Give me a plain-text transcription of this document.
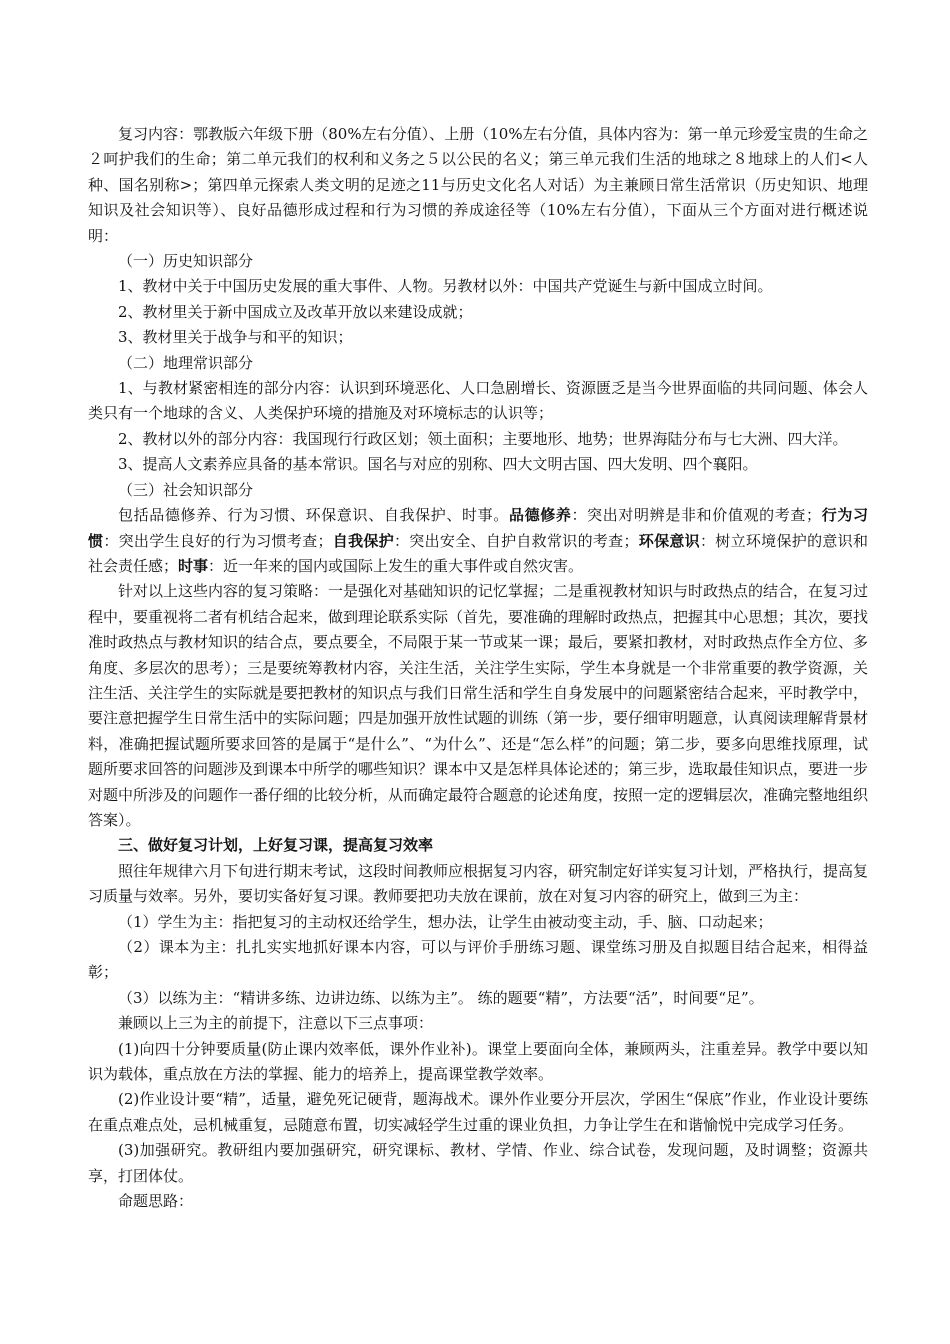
复习内容：鄂教版六年级下册（80%左右分值）、上册（10%左右分值，具体内容为：第一单元珍爱宝贵的生命之２呵护我们的生命；第二单元我们的权利和义务之５以公民的名义；第三单元我们生活的地球之８地球上的人们<人种、国名别称>；第四单元探索人类文明的足迹之11与历史文化名人对话）为主兼顾日常生活常识（历史知识、地理知识及社会知识等）、良好品德形成过程和行为习惯的养成途径等（10%左右分值），下面从三个方面对进行概述说明：

（一）历史知识部分

1、教材中关于中国历史发展的重大事件、人物。另教材以外：中国共产党诞生与新中国成立时间。

2、教材里关于新中国成立及改革开放以来建设成就；

3、教材里关于战争与和平的知识；

（二）地理常识部分

1、与教材紧密相连的部分内容：认识到环境恶化、人口急剧增长、资源匮乏是当今世界面临的共同问题、体会人类只有一个地球的含义、人类保护环境的措施及对环境标志的认识等；

2、教材以外的部分内容：我国现行行政区划；领土面积；主要地形、地势；世界海陆分布与七大洲、四大洋。

3、提高人文素养应具备的基本常识。国名与对应的别称、四大文明古国、四大发明、四个襄阳。

（三）社会知识部分

包括品德修养、行为习惯、环保意识、自我保护、时事。品德修养：突出对明辨是非和价值观的考查；行为习惯：突出学生良好的行为习惯考查；自我保护：突出安全、自护自救常识的考查；环保意识：树立环境保护的意识和社会责任感；时事：近一年来的国内或国际上发生的重大事件或自然灾害。

针对以上这些内容的复习策略：一是强化对基础知识的记忆掌握；二是重视教材知识与时政热点的结合，在复习过程中，要重视将二者有机结合起来，做到理论联系实际（首先，要准确的理解时政热点，把握其中心思想；其次，要找准时政热点与教材知识的结合点，要点要全，不局限于某一节或某一课；最后，要紧扣教材，对时政热点作全方位、多角度、多层次的思考）；三是要统筹教材内容，关注生活，关注学生实际，学生本身就是一个非常重要的教学资源，关注生活、关注学生的实际就是要把教材的知识点与我们日常生活和学生自身发展中的问题紧密结合起来，平时教学中，要注意把握学生日常生活中的实际问题；四是加强开放性试题的训练（第一步，要仔细审明题意，认真阅读理解背景材料，准确把握试题所要求回答的是属于“是什么”、“为什么”、还是“怎么样”的问题；第二步，要多向思维找原理，试题所要求回答的问题涉及到课本中所学的哪些知识？课本中又是怎样具体论述的；第三步，选取最佳知识点，要进一步对题中所涉及的问题作一番仔细的比较分析，从而确定最符合题意的论述角度，按照一定的逻辑层次，准确完整地组织答案）。

三、做好复习计划，上好复习课，提高复习效率

照往年规律六月下旬进行期末考试，这段时间教师应根据复习内容，研究制定好详实复习计划，严格执行，提高复习质量与效率。另外，要切实备好复习课。教师要把功夫放在课前，放在对复习内容的研究上，做到三为主：

（1）学生为主：指把复习的主动权还给学生，想办法，让学生由被动变主动，手、脑、口动起来；

（2）课本为主：扎扎实实地抓好课本内容，可以与评价手册练习题、课堂练习册及自拟题目结合起来，相得益彰；

（3）以练为主：“精讲多练、边讲边练、以练为主”。 练的题要“精”，方法要“活”，时间要“足”。

兼顾以上三为主的前提下，注意以下三点事项：

(1)向四十分钟要质量(防止课内效率低，课外作业补)。课堂上要面向全体，兼顾两头，注重差异。教学中要以知识为载体，重点放在方法的掌握、能力的培养上，提高课堂教学效率。

(2)作业设计要“精”，适量，避免死记硬背，题海战术。课外作业要分开层次，学困生“保底”作业，作业设计要练在重点难点处，忌机械重复，忌随意布置，切实减轻学生过重的课业负担，力争让学生在和谐愉悦中完成学习任务。

(3)加强研究。教研组内要加强研究，研究课标、教材、学情、作业、综合试卷，发现问题，及时调整；资源共享，打团体仗。

命题思路：
